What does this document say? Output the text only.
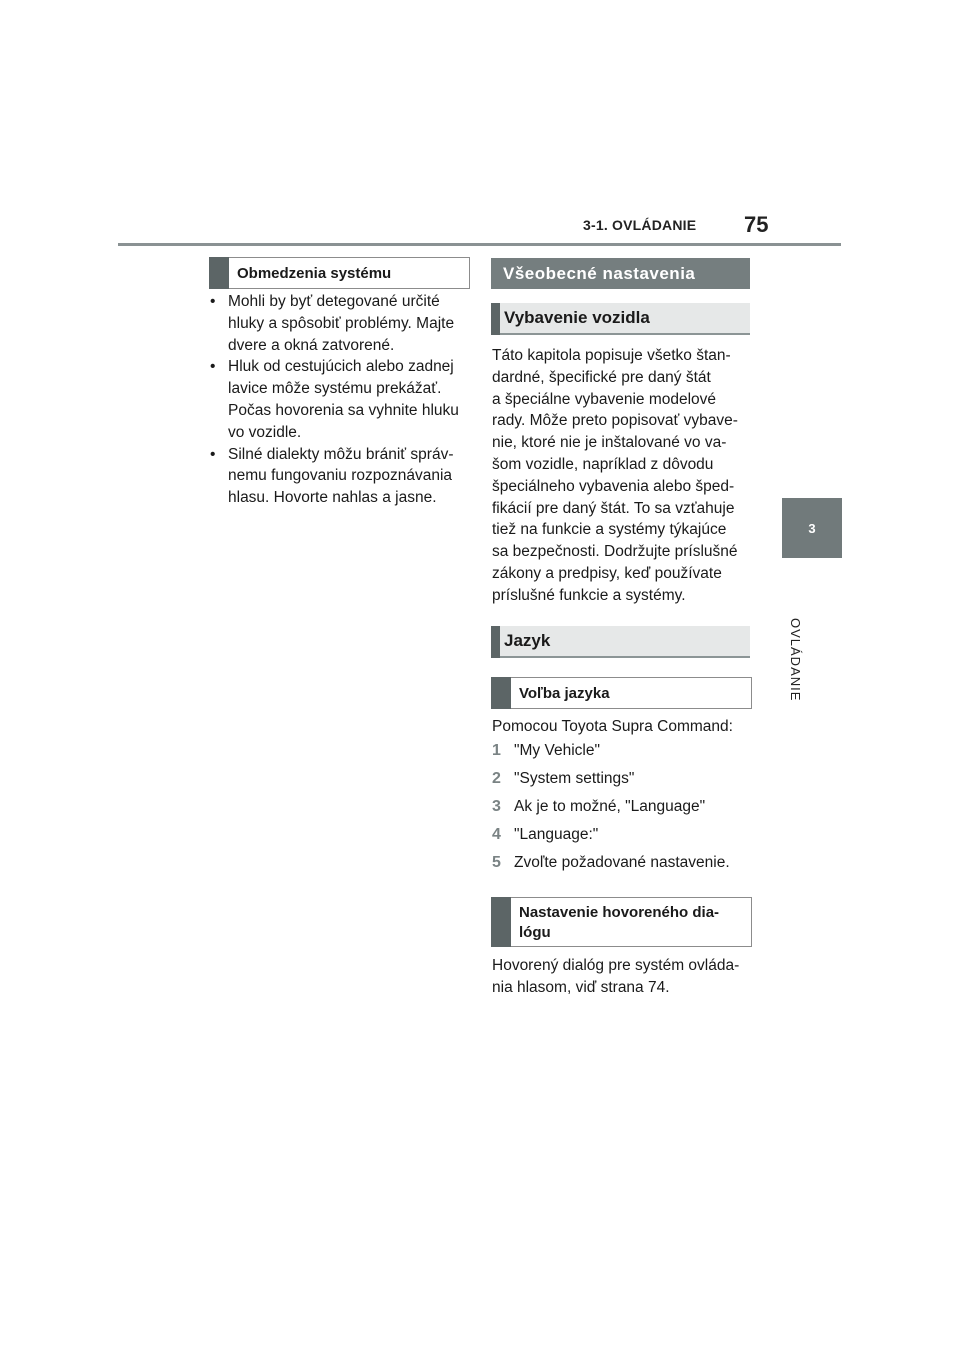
3-1. OVLÁDANIE 75
3
OVLÁDANIE
Obmedzenia systému
• Mohli by byť detegované určité
hluky a spôsobiť problémy. Majte
dvere a okná zatvorené.
• Hluk od cestujúcich alebo zadnej
lavice môže systému prekážať.
Počas hovorenia sa vyhnite hluku
vo vozidle.
• Silné dialekty môžu brániť správ-
nemu fungovaniu rozpoznávania
hlasu. Hovorte nahlas a jasne.
Všeobecné nastavenia
Vybavenie vozidla
Táto kapitola popisuje všetko štan-
dardné, špecifické pre daný štát
a špeciálne vybavenie modelové
rady. Môže preto popisovať vybave-
nie, ktoré nie je inštalované vo va-
šom vozidle, napríklad z dôvodu
špeciálneho vybavenia alebo šped-
fikácií pre daný štát. To sa vzťahuje
tiež na funkcie a systémy týkajúce
sa bezpečnosti. Dodržujte príslušné
zákony a predpisy, keď používate
príslušné funkcie a systémy.
Jazyk
Voľba jazyka
Pomocou Toyota Supra Command:
1 "My Vehicle"
2 "System settings"
3 Ak je to možné, "Language"
4 "Language:"
5 Zvoľte požadované nastavenie.
Nastavenie hovoreného dia-
lógu
Hovorený dialóg pre systém ovláda-
nia hlasom, viď strana 74.
